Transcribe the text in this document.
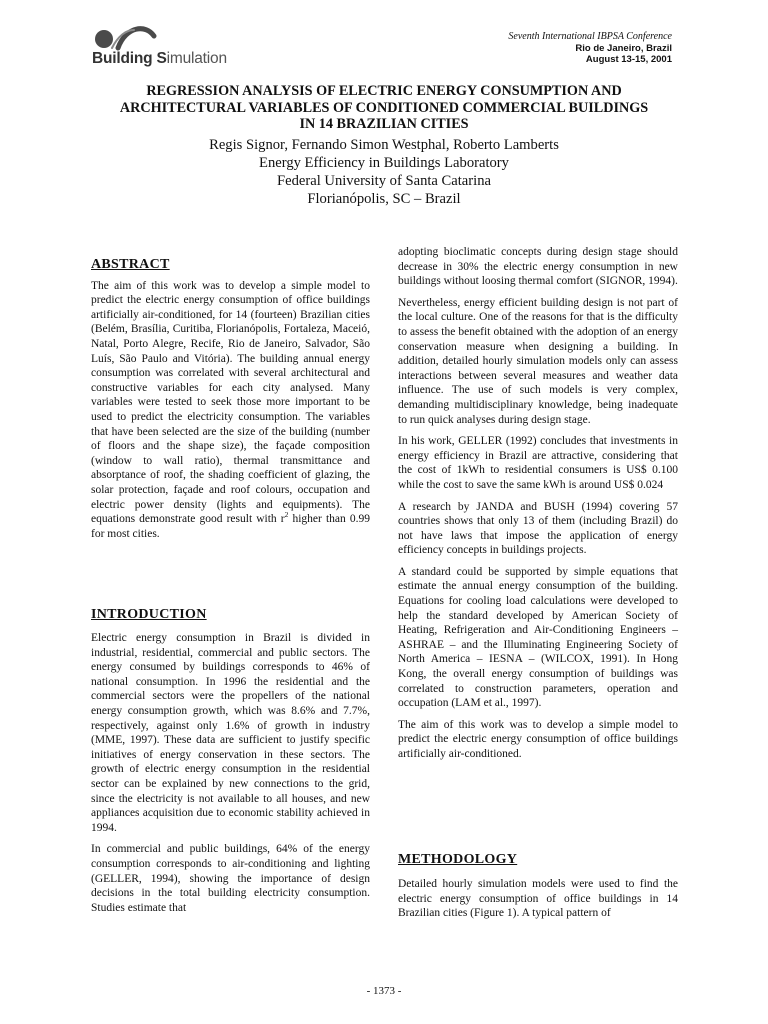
Building Simulation
Seventh International IBPSA Conference
Rio de Janeiro, Brazil
August 13-15, 2001
REGRESSION ANALYSIS OF ELECTRIC ENERGY CONSUMPTION AND
ARCHITECTURAL VARIABLES OF CONDITIONED COMMERCIAL BUILDINGS
IN 14 BRAZILIAN CITIES
Regis Signor, Fernando Simon Westphal, Roberto Lamberts
Energy Efficiency in Buildings Laboratory
Federal University of Santa Catarina
Florianópolis, SC – Brazil
ABSTRACT

The aim of this work was to develop a simple model to predict the electric energy consumption of office buildings artificially air-conditioned, for 14 (fourteen) Brazilian cities (Belém, Brasília, Curitiba, Florianópolis, Fortaleza, Maceió, Natal, Porto Alegre, Recife, Rio de Janeiro, Salvador, São Luís, São Paulo and Vitória). The building annual energy consumption was correlated with several architectural and constructive variables for each city analysed. Many variables were tested to seek those more important to be used to predict the electricity consumption. The variables that have been selected are the size of the building (number of floors and the shape size), the façade composition (window to wall ratio), thermal transmittance and absorptance of roof, the shading coefficient of glazing, the solar protection, façade and roof colours, occupation and electric power density (lights and equipments). The equations demonstrate good result with $r^2$ higher than 0.99 for most cities.

INTRODUCTION

Electric energy consumption in Brazil is divided in industrial, residential, commercial and public sectors. The energy consumed by buildings corresponds to 46% of national consumption. In 1996 the residential and the commercial sectors were the propellers of the national energy consumption growth, which was 8.6% and 7.7%, respectively, against only 1.6% of growth in industry (MME, 1997). These data are sufficient to justify specific initiatives of energy conservation in these sectors. The growth of electric energy consumption in the residential sector can be explained by new connections to the grid, since the electricity is not available to all houses, and new appliances acquisition due to economic stability achieved in 1994.

In commercial and public buildings, 64% of the energy consumption corresponds to air-conditioning and lighting (GELLER, 1994), showing the importance of design decisions in the total building electricity consumption. Studies estimate that

adopting bioclimatic concepts during design stage should decrease in 30% the electric energy consumption in new buildings without loosing thermal comfort (SIGNOR, 1994).

Nevertheless, energy efficient building design is not part of the local culture. One of the reasons for that is the difficulty to assess the benefit obtained with the adoption of an energy conservation measure when designing a building. In addition, detailed hourly simulation models only can assess interactions between several measures and weather data influence. The use of such models is very complex, demanding multidisciplinary knowledge, being inadequate to run quick analyses during design stage.

In his work, GELLER (1992) concludes that investments in energy efficiency in Brazil are attractive, considering that the cost of 1kWh to residential consumers is US$ 0.100 while the cost to save the same kWh is around US$ 0.024

A research by JANDA and BUSH (1994) covering 57 countries shows that only 13 of them (including Brazil) do not have laws that impose the application of energy efficiency concepts in buildings projects.

A standard could be supported by simple equations that estimate the annual energy consumption of the building. Equations for cooling load calculations were developed to help the standard developed by American Society of Heating, Refrigeration and Air-Conditioning Engineers – ASHRAE – and the Illuminating Engineering Society of North America – IESNA – (WILCOX, 1991). In Hong Kong, the overall energy consumption of buildings was correlated to construction parameters, operation and occupation (LAM et al., 1997).

The aim of this work was to develop a simple model to predict the electric energy consumption of office buildings artificially air-conditioned.

METHODOLOGY

Detailed hourly simulation models were used to find the electric energy consumption of office buildings in 14 Brazilian cities (Figure 1). A typical pattern of

- 1373 -
